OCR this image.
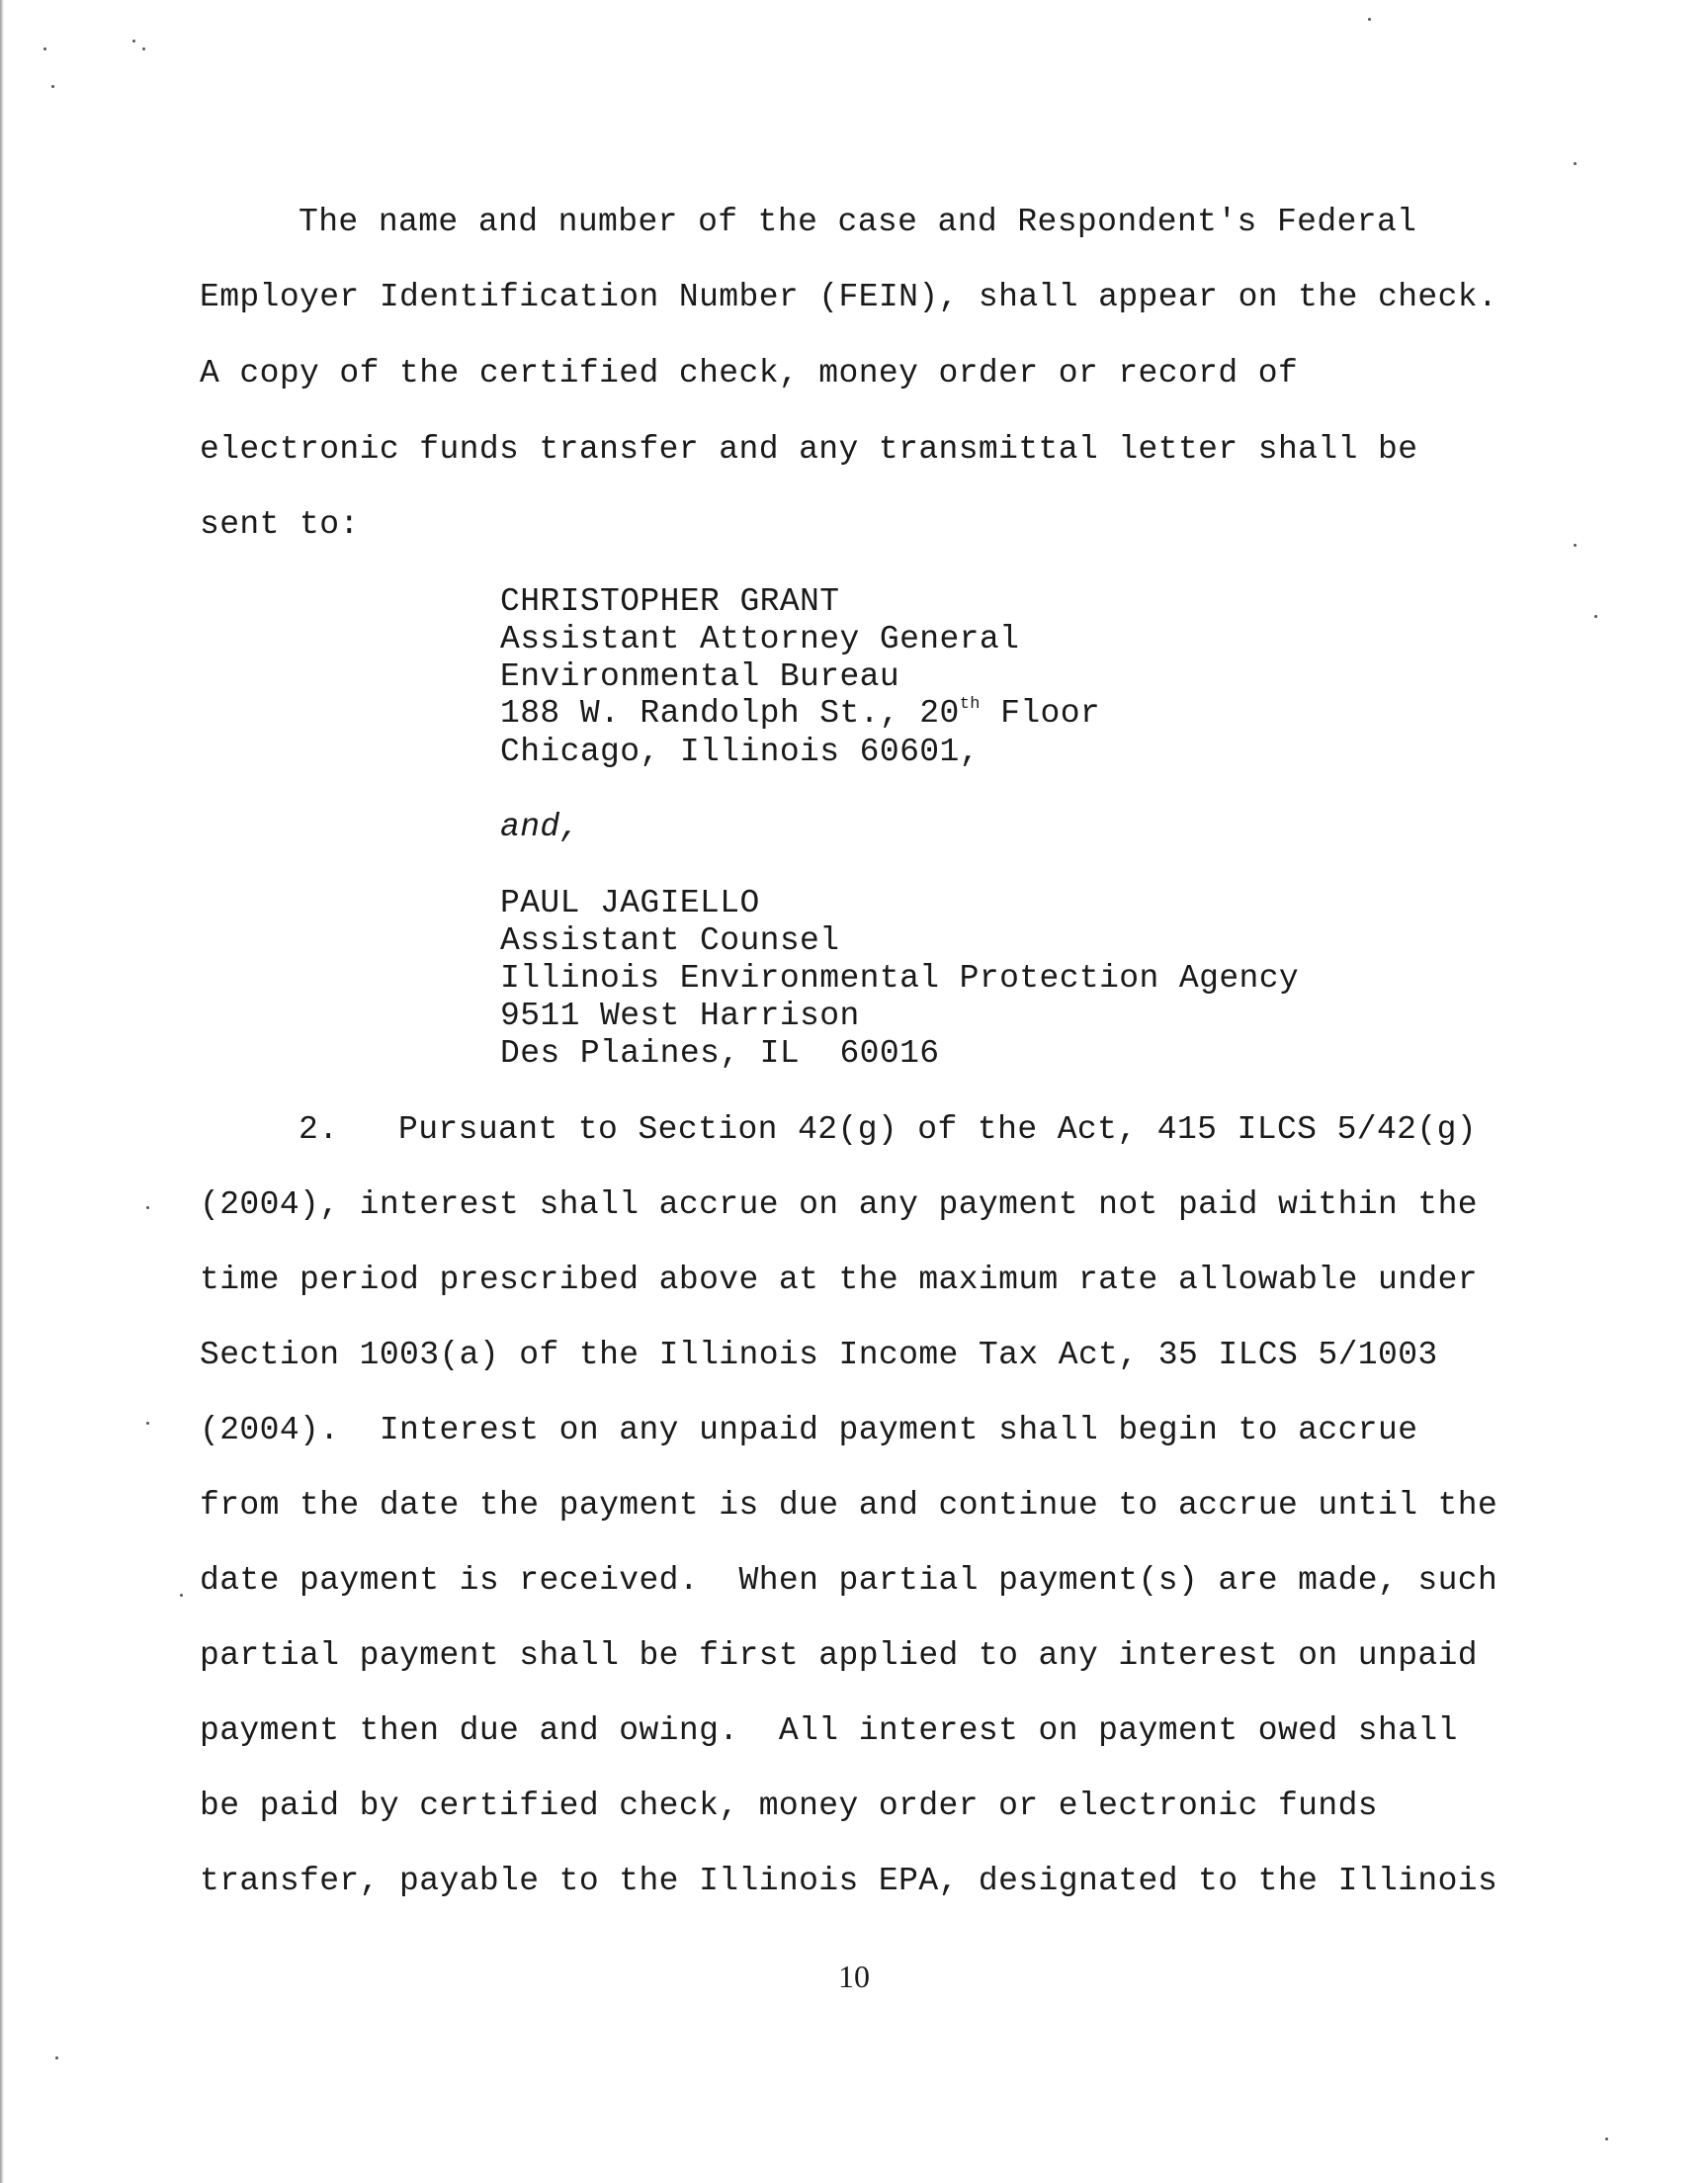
The name and number of the case and Respondent's Federal
Employer Identification Number (FEIN), shall appear on the check.
A copy of the certified check, money order or record of
electronic funds transfer and any transmittal letter shall be
sent to:
CHRISTOPHER GRANT
Assistant Attorney General
Environmental Bureau
188 W. Randolph St., 20th Floor
Chicago, Illinois 60601,
and,
PAUL JAGIELLO
Assistant Counsel
Illinois Environmental Protection Agency
9511 West Harrison
Des Plaines, IL  60016
2.   Pursuant to Section 42(g) of the Act, 415 ILCS 5/42(g)
(2004), interest shall accrue on any payment not paid within the
time period prescribed above at the maximum rate allowable under
Section 1003(a) of the Illinois Income Tax Act, 35 ILCS 5/1003
(2004).  Interest on any unpaid payment shall begin to accrue
from the date the payment is due and continue to accrue until the
date payment is received.  When partial payment(s) are made, such
partial payment shall be first applied to any interest on unpaid
payment then due and owing.  All interest on payment owed shall
be paid by certified check, money order or electronic funds
transfer, payable to the Illinois EPA, designated to the Illinois
10
